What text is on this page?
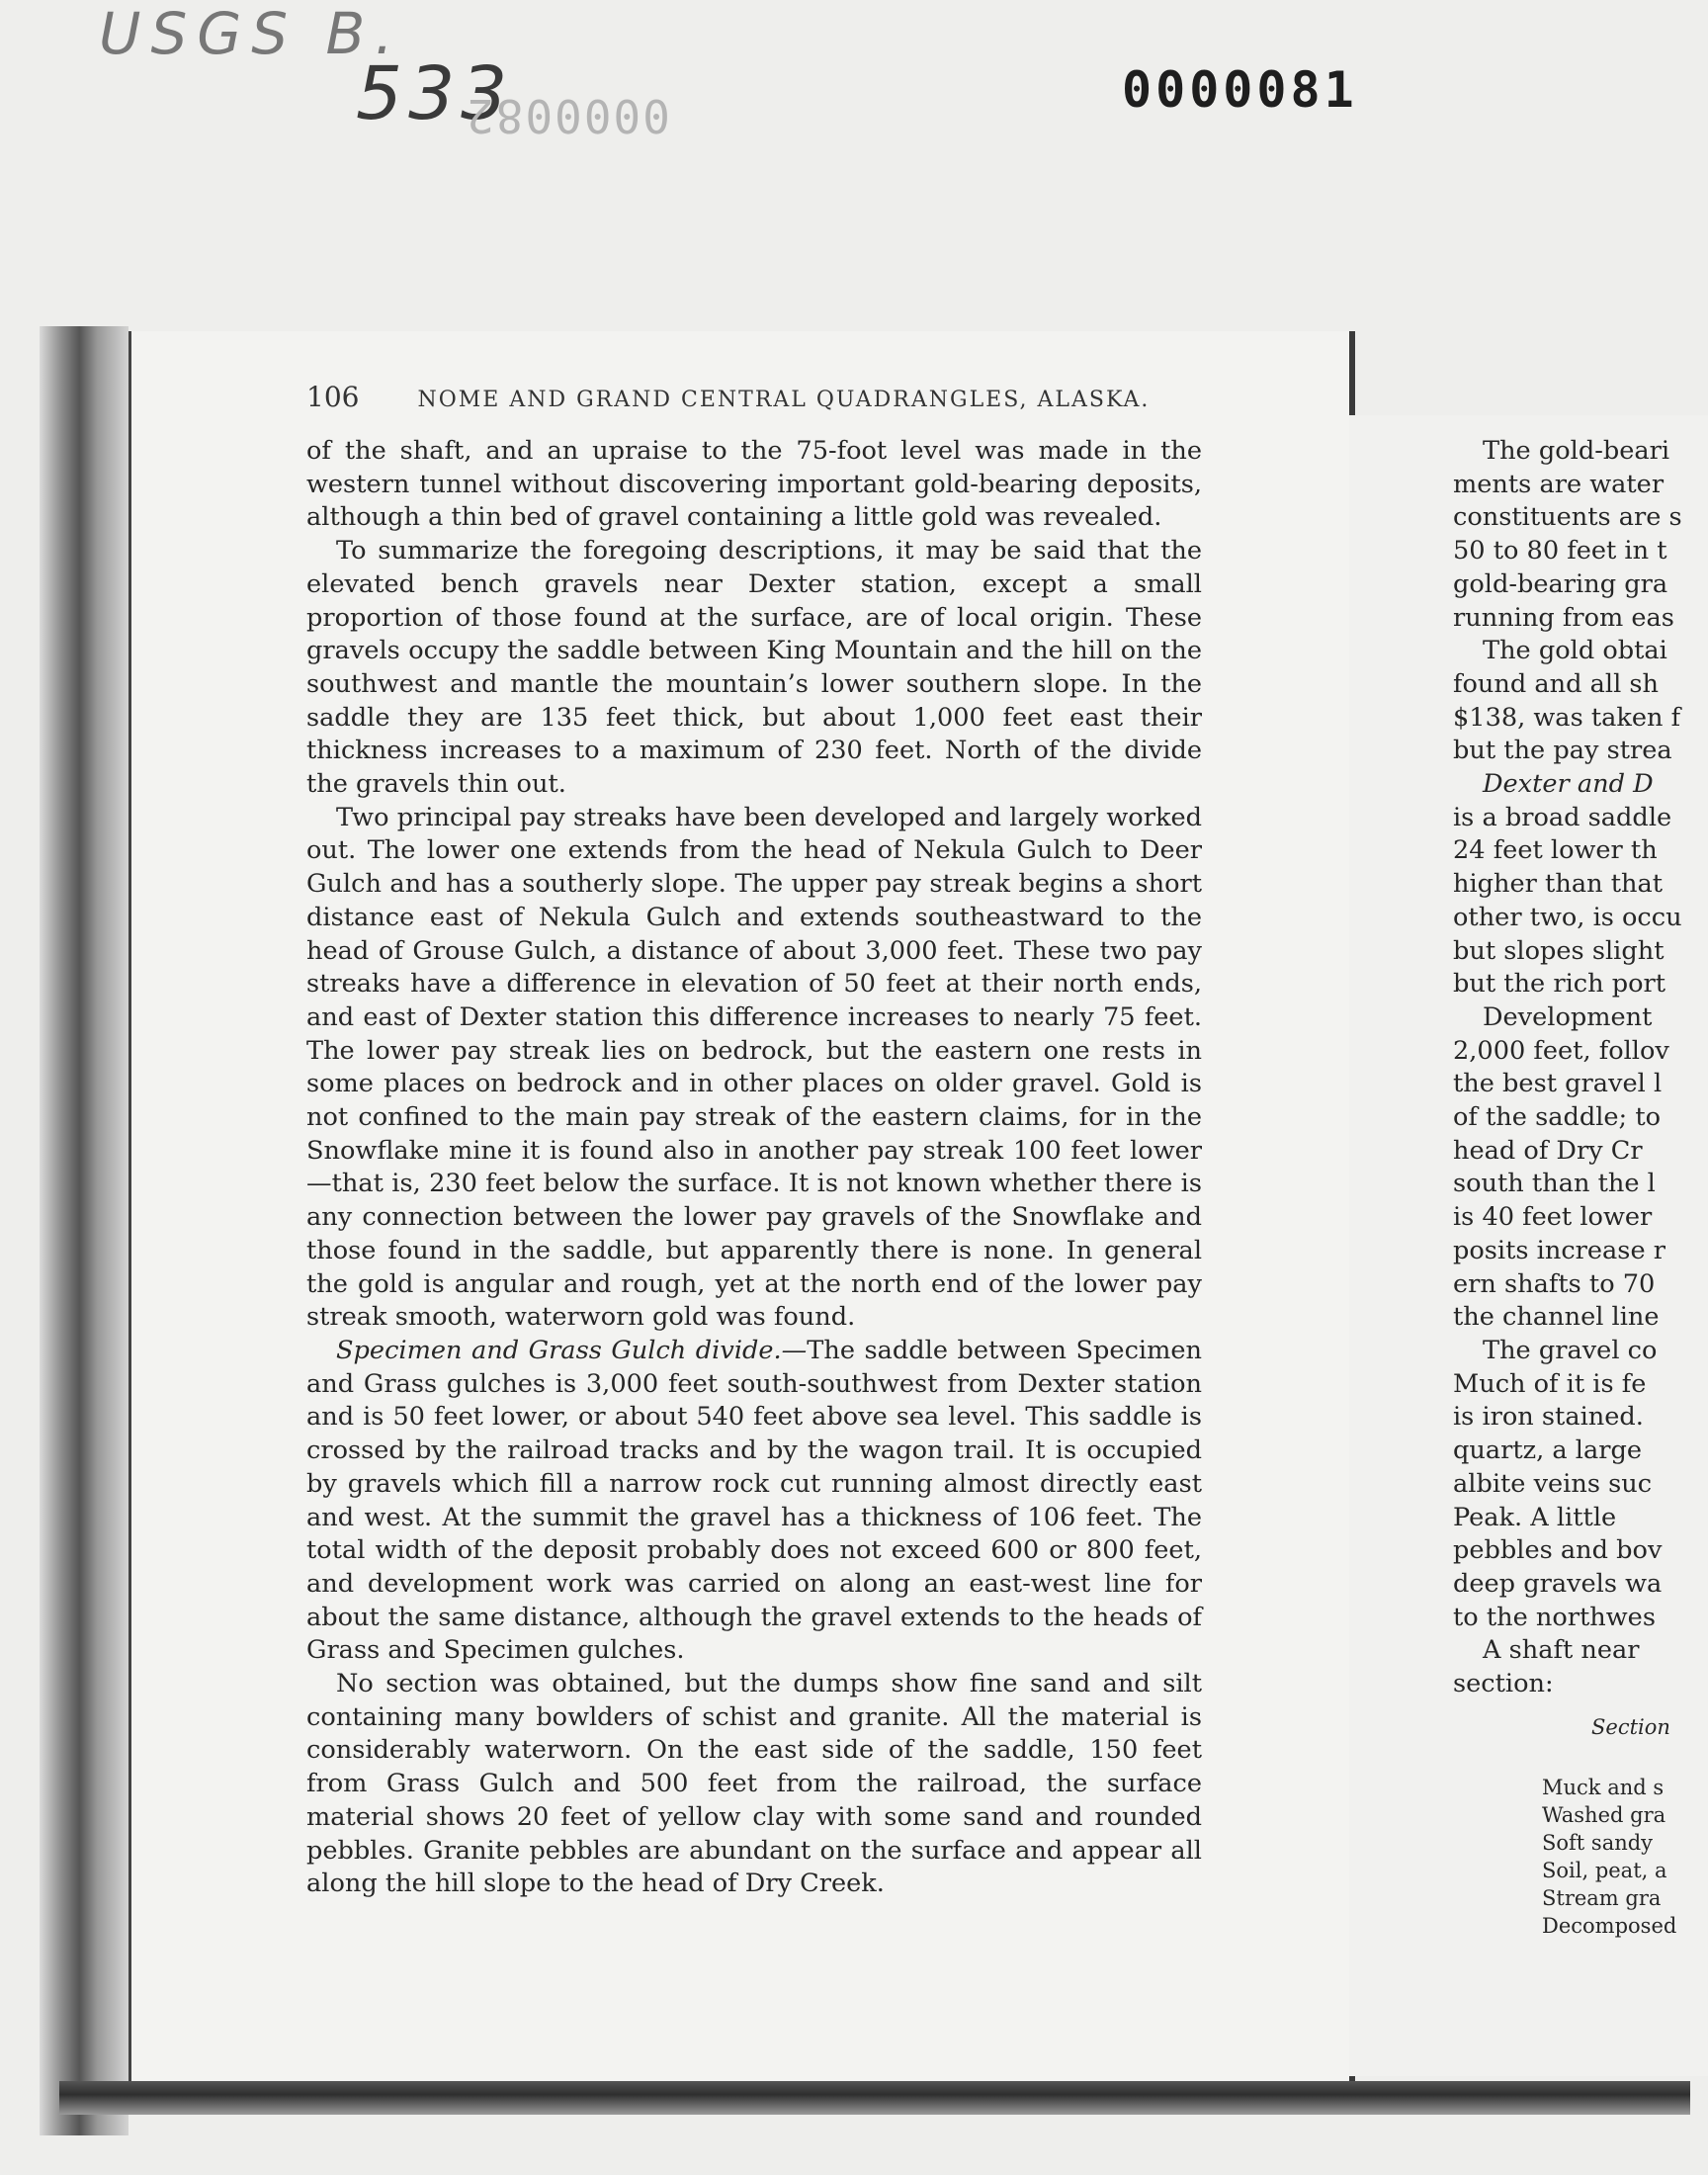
USGS B.
533
0000082	0000081
106	NOME AND GRAND CENTRAL QUADRANGLES, ALASKA.

of the shaft, and an upraise to the 75-foot level was made in the western tunnel without discovering important gold-bearing deposits, although a thin bed of gravel containing a little gold was revealed.

To summarize the foregoing descriptions, it may be said that the elevated bench gravels near Dexter station, except a small proportion of those found at the surface, are of local origin. These gravels occupy the saddle between King Mountain and the hill on the southwest and mantle the mountain’s lower southern slope. In the saddle they are 135 feet thick, but about 1,000 feet east their thickness increases to a maximum of 230 feet. North of the divide the gravels thin out.

Two principal pay streaks have been developed and largely worked out. The lower one extends from the head of Nekula Gulch to Deer Gulch and has a southerly slope. The upper pay streak begins a short distance east of Nekula Gulch and extends southeastward to the head of Grouse Gulch, a distance of about 3,000 feet. These two pay streaks have a difference in elevation of 50 feet at their north ends, and east of Dexter station this difference increases to nearly 75 feet. The lower pay streak lies on bedrock, but the eastern one rests in some places on bedrock and in other places on older gravel. Gold is not confined to the main pay streak of the eastern claims, for in the Snowflake mine it is found also in another pay streak 100 feet lower—that is, 230 feet below the surface. It is not known whether there is any connection between the lower pay gravels of the Snowflake and those found in the saddle, but apparently there is none. In general the gold is angular and rough, yet at the north end of the lower pay streak smooth, waterworn gold was found.

Specimen and Grass Gulch divide.—The saddle between Specimen and Grass gulches is 3,000 feet south-southwest from Dexter station and is 50 feet lower, or about 540 feet above sea level. This saddle is crossed by the railroad tracks and by the wagon trail. It is occupied by gravels which fill a narrow rock cut running almost directly east and west. At the summit the gravel has a thickness of 106 feet. The total width of the deposit probably does not exceed 600 or 800 feet, and development work was carried on along an east-west line for about the same distance, although the gravel extends to the heads of Grass and Specimen gulches.

No section was obtained, but the dumps show fine sand and silt containing many bowlders of schist and granite. All the material is considerably waterworn. On the east side of the saddle, 150 feet from Grass Gulch and 500 feet from the railroad, the surface material shows 20 feet of yellow clay with some sand and rounded pebbles. Granite pebbles are abundant on the surface and appear all along the hill slope to the head of Dry Creek.

The gold-beari
ments are water
constituents are s
50 to 80 feet in t
gold-bearing gra
running from eas
The gold obtai
found and all sh
$138, was taken f
but the pay strea
Dexter and D
is a broad saddle
24 feet lower th
higher than that
other two, is occu
but slopes slight
but the rich port
Development
2,000 feet, follov
the best gravel l
of the saddle; to
head of Dry Cr
south than the l
is 40 feet lower
posits increase r
ern shafts to 70
the channel line
The gravel co
Much of it is fe
is iron stained.
quartz, a large
albite veins suc
Peak. A little
pebbles and bov
deep gravels wa
to the northwes
A shaft near
section:
Section
Muck and s
Washed gra
Soft sandy
Soil, peat, a
Stream gra
Decomposed
